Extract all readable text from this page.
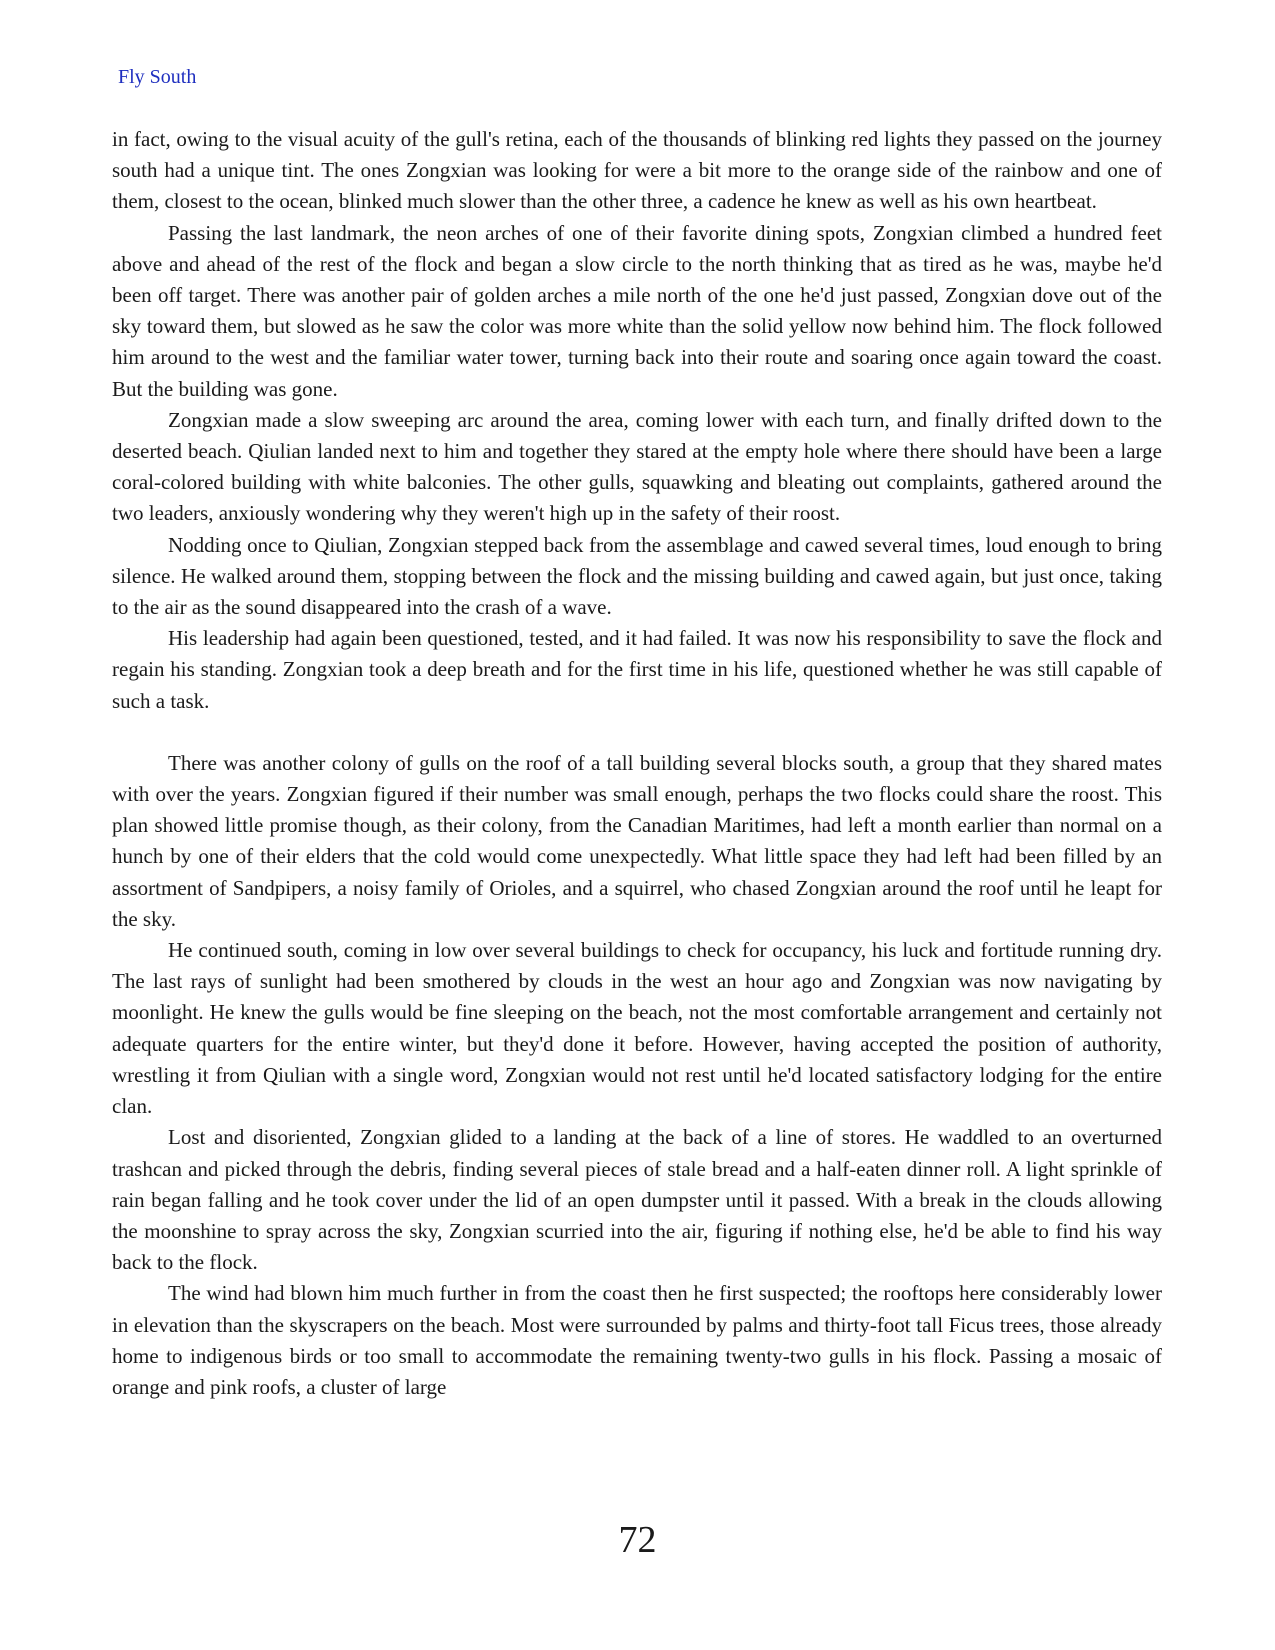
Fly South

in fact, owing to the visual acuity of the gull's retina, each of the thousands of blinking red lights they passed on the journey south had a unique tint. The ones Zongxian was looking for were a bit more to the orange side of the rainbow and one of them, closest to the ocean, blinked much slower than the other three, a cadence he knew as well as his own heartbeat.

Passing the last landmark, the neon arches of one of their favorite dining spots, Zongxian climbed a hundred feet above and ahead of the rest of the flock and began a slow circle to the north thinking that as tired as he was, maybe he'd been off target. There was another pair of golden arches a mile north of the one he'd just passed, Zongxian dove out of the sky toward them, but slowed as he saw the color was more white than the solid yellow now behind him. The flock followed him around to the west and the familiar water tower, turning back into their route and soaring once again toward the coast. But the building was gone.

Zongxian made a slow sweeping arc around the area, coming lower with each turn, and finally drifted down to the deserted beach. Qiulian landed next to him and together they stared at the empty hole where there should have been a large coral-colored building with white balconies. The other gulls, squawking and bleating out complaints, gathered around the two leaders, anxiously wondering why they weren't high up in the safety of their roost.

Nodding once to Qiulian, Zongxian stepped back from the assemblage and cawed several times, loud enough to bring silence. He walked around them, stopping between the flock and the missing building and cawed again, but just once, taking to the air as the sound disappeared into the crash of a wave.

His leadership had again been questioned, tested, and it had failed. It was now his responsibility to save the flock and regain his standing. Zongxian took a deep breath and for the first time in his life, questioned whether he was still capable of such a task.

There was another colony of gulls on the roof of a tall building several blocks south, a group that they shared mates with over the years. Zongxian figured if their number was small enough, perhaps the two flocks could share the roost. This plan showed little promise though, as their colony, from the Canadian Maritimes, had left a month earlier than normal on a hunch by one of their elders that the cold would come unexpectedly. What little space they had left had been filled by an assortment of Sandpipers, a noisy family of Orioles, and a squirrel, who chased Zongxian around the roof until he leapt for the sky.

He continued south, coming in low over several buildings to check for occupancy, his luck and fortitude running dry. The last rays of sunlight had been smothered by clouds in the west an hour ago and Zongxian was now navigating by moonlight. He knew the gulls would be fine sleeping on the beach, not the most comfortable arrangement and certainly not adequate quarters for the entire winter, but they'd done it before. However, having accepted the position of authority, wrestling it from Qiulian with a single word, Zongxian would not rest until he'd located satisfactory lodging for the entire clan.

Lost and disoriented, Zongxian glided to a landing at the back of a line of stores. He waddled to an overturned trashcan and picked through the debris, finding several pieces of stale bread and a half-eaten dinner roll. A light sprinkle of rain began falling and he took cover under the lid of an open dumpster until it passed. With a break in the clouds allowing the moonshine to spray across the sky, Zongxian scurried into the air, figuring if nothing else, he'd be able to find his way back to the flock.

The wind had blown him much further in from the coast then he first suspected; the rooftops here considerably lower in elevation than the skyscrapers on the beach. Most were surrounded by palms and thirty-foot tall Ficus trees, those already home to indigenous birds or too small to accommodate the remaining twenty-two gulls in his flock. Passing a mosaic of orange and pink roofs, a cluster of large

72
